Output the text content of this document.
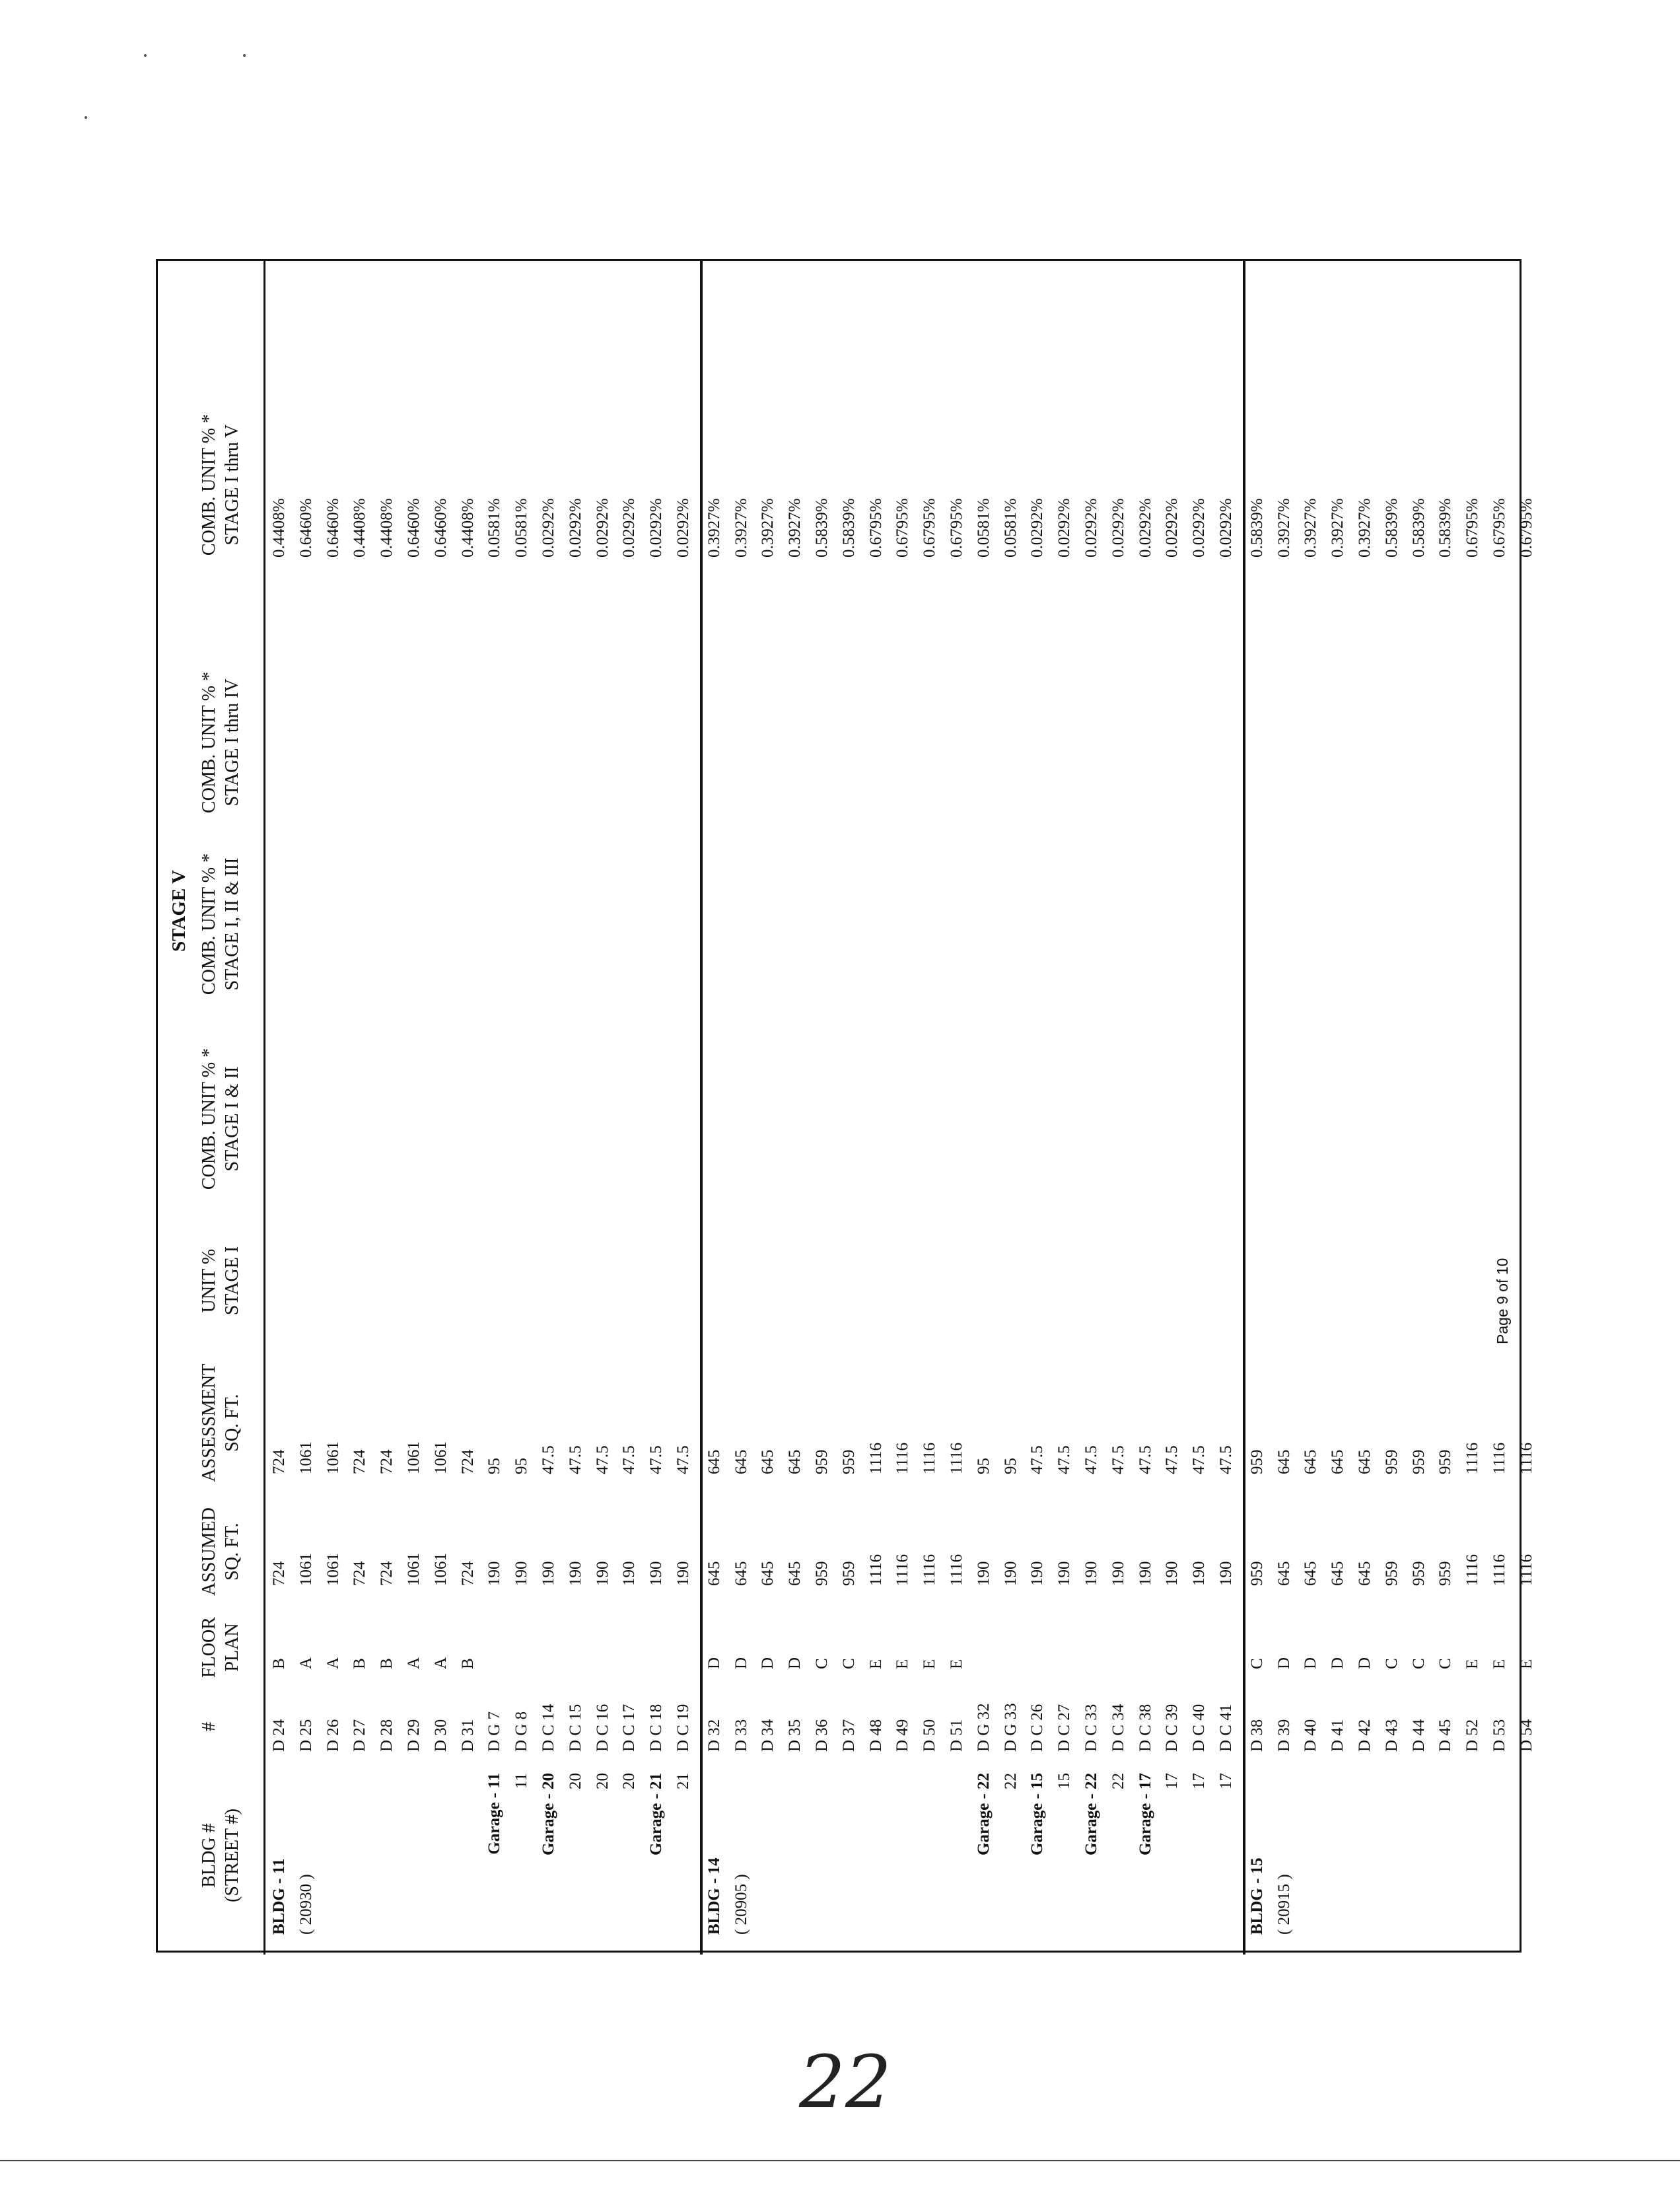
STAGE V
BLDG # (STREET #)
#

FLOOR PLAN
ASSUMED SQ. FT.
ASSESSMENT SQ. FT.
UNIT % STAGE I
COMB. UNIT % * STAGE I & II
COMB. UNIT % * STAGE I, II & III
COMB. UNIT % * STAGE I thru IV
COMB. UNIT % * STAGE I thru V
BLDG - 11
D 24
B
724
724
0.4408%
( 20930 )
D 25
A
1061
1061
0.6460%
D 26
A
1061
1061
0.6460%
D 27
B
724
724
0.4408%
D 28
B
724
724
0.4408%
D 29
A
1061
1061
0.6460%
D 30
A
1061
1061
0.6460%
D 31
B
724
724
0.4408%
Garage - 11
D G 7
190
95
0.0581%
11
D G 8
190
95
0.0581%
Garage - 20
D C 14
190
47.5
0.0292%
20
D C 15
190
47.5
0.0292%
20
D C 16
190
47.5
0.0292%
20
D C 17
190
47.5
0.0292%
Garage - 21
D C 18
190
47.5
0.0292%
21
D C 19
190
47.5
0.0292%
BLDG - 14
D 32
D
645
645
0.3927%
( 20905 )
D 33
D
645
645
0.3927%
D 34
D
645
645
0.3927%
D 35
D
645
645
0.3927%
D 36
C
959
959
0.5839%
D 37
C
959
959
0.5839%
D 48
E
1116
1116
0.6795%
D 49
E
1116
1116
0.6795%
D 50
E
1116
1116
0.6795%
D 51
E
1116
1116
0.6795%
Garage - 22
D G 32
190
95
0.0581%
22
D G 33
190
95
0.0581%
Garage - 15
D C 26
190
47.5
0.0292%
15
D C 27
190
47.5
0.0292%
Garage - 22
D C 33
190
47.5
0.0292%
22
D C 34
190
47.5
0.0292%
Garage - 17
D C 38
190
47.5
0.0292%
17
D C 39
190
47.5
0.0292%
17
D C 40
190
47.5
0.0292%
17
D C 41
190
47.5
0.0292%
BLDG - 15
D 38
C
959
959
0.5839%
( 20915 )
D 39
D
645
645
0.3927%
D 40
D
645
645
0.3927%
D 41
D
645
645
0.3927%
D 42
D
645
645
0.3927%
D 43
C
959
959
0.5839%
D 44
C
959
959
0.5839%
D 45
C
959
959
0.5839%
D 52
E
1116
1116
0.6795%
D 53
E
1116
1116
0.6795%
D 54
E
1116
1116
0.6795%
Page 9 of 10
22
